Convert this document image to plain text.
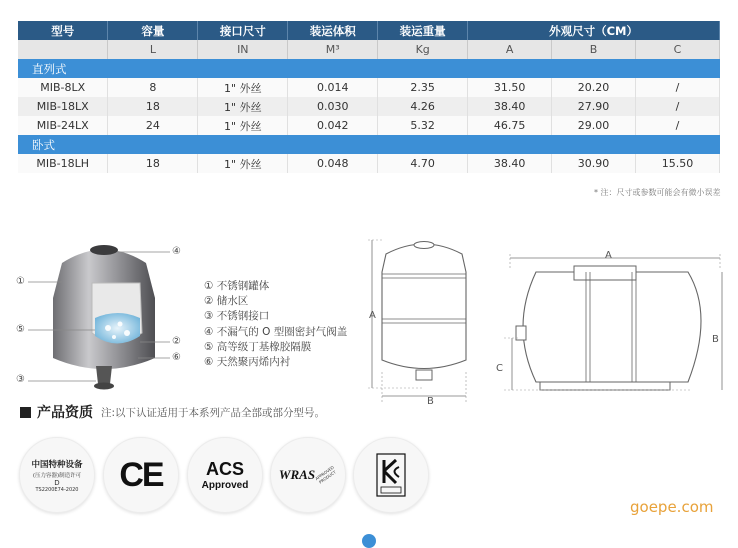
型号	容量	接口尺寸	装运体积	装运重量	外观尺寸（CM）		
	L	IN	M³	Kg	A	B	C
直列式							
MIB-8LX	8	1" 外丝	0.014	2.35	31.50	20.20	/
MIB-18LX	18	1" 外丝	0.030	4.26	38.40	27.90	/
MIB-24LX	24	1" 外丝	0.042	5.32	46.75	29.00	/
卧式							
MIB-18LH	18	1" 外丝	0.048	4.70	38.40	30.90	15.50
* 注：尺寸或参数可能会有微小误差
①
⑤
③
④
②
⑥
① 不锈钢罐体
② 储水区
③ 不锈钢接口
④ 不漏气的 O 型圈密封气阀盖
⑤ 高等级丁基橡胶隔膜
⑥ 天然聚丙烯内衬
A
B
A
B
C
产品资质 注:以下认证适用于本系列产品全部或部分型号。
中国特种设备
(压力容器)制造许可
D
TS2200E74-2020 CE ACS
Approved
WRAS APPROVED PRODUCT
goepe.com
